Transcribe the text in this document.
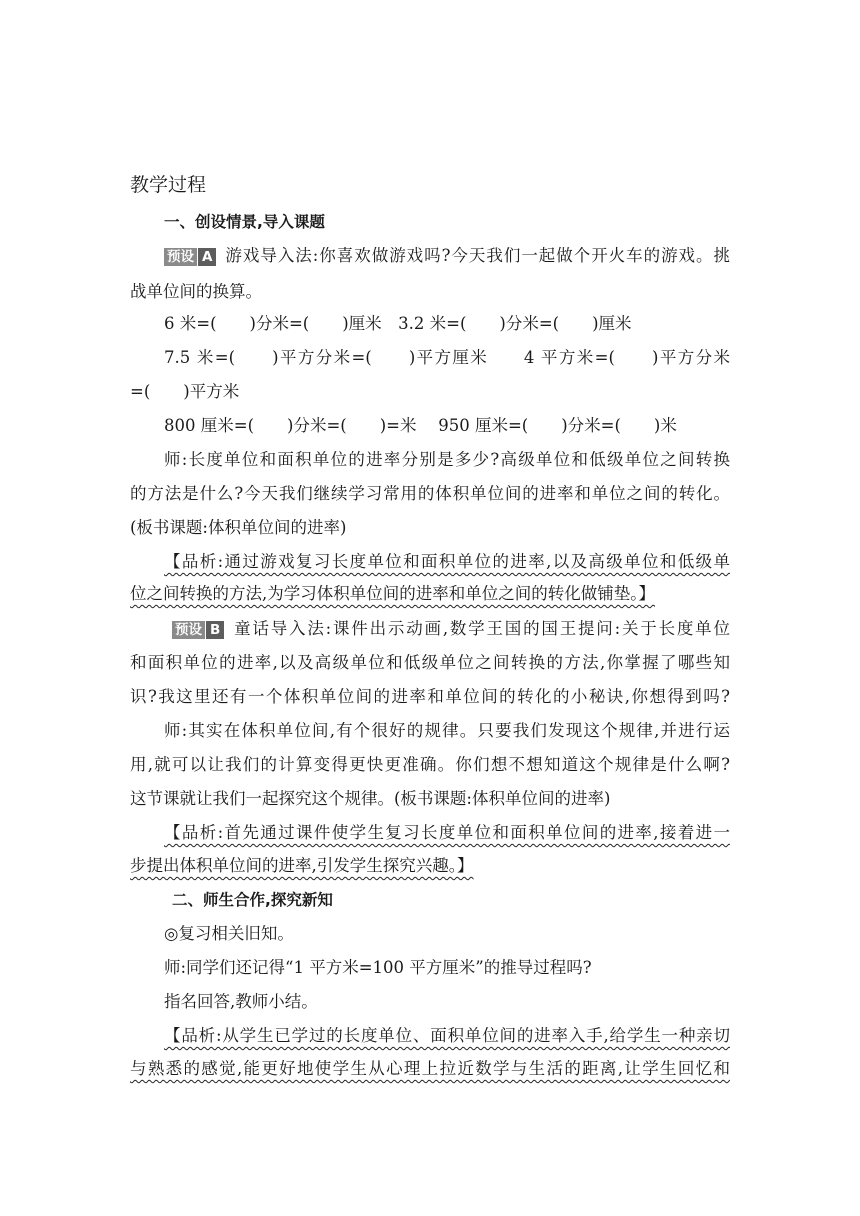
教学过程
一、创设情景,导入课题
预设 A 游戏导入法:你喜欢做游戏吗?今天我们一起做个开火车的游戏。挑
战单位间的换算。
6 米=(　　)分米=(　　)厘米　3.2 米=(　　)分米=(　　)厘米
7.5 米=(　　)平方分米=(　　)平方厘米　　4 平方米=(　　)平方分米
=(　　)平方米
800 厘米=(　　)分米=(　　)=米　 950 厘米=(　　)分米=(　　)米
师:长度单位和面积单位的进率分别是多少?高级单位和低级单位之间转换
的方法是什么?今天我们继续学习常用的体积单位间的进率和单位之间的转化。
(板书课题:体积单位间的进率)
【品析:通过游戏复习长度单位和面积单位的进率,以及高级单位和低级单
位之间转换的方法,为学习体积单位间的进率和单位之间的转化做铺垫。】
预设 B 童话导入法:课件出示动画,数学王国的国王提问:关于长度单位
和面积单位的进率,以及高级单位和低级单位之间转换的方法,你掌握了哪些知
识?我这里还有一个体积单位间的进率和单位间的转化的小秘诀,你想得到吗?
师:其实在体积单位间,有个很好的规律。只要我们发现这个规律,并进行运
用,就可以让我们的计算变得更快更准确。你们想不想知道这个规律是什么啊?
这节课就让我们一起探究这个规律。(板书课题:体积单位间的进率)
【品析:首先通过课件使学生复习长度单位和面积单位间的进率,接着进一
步提出体积单位间的进率,引发学生探究兴趣。】
二、师生合作,探究新知
◎复习相关旧知。
师:同学们还记得“1 平方米=100 平方厘米”的推导过程吗?
指名回答,教师小结。
【品析:从学生已学过的长度单位、面积单位间的进率入手,给学生一种亲切
与熟悉的感觉,能更好地使学生从心理上拉近数学与生活的距离,让学生回忆和
